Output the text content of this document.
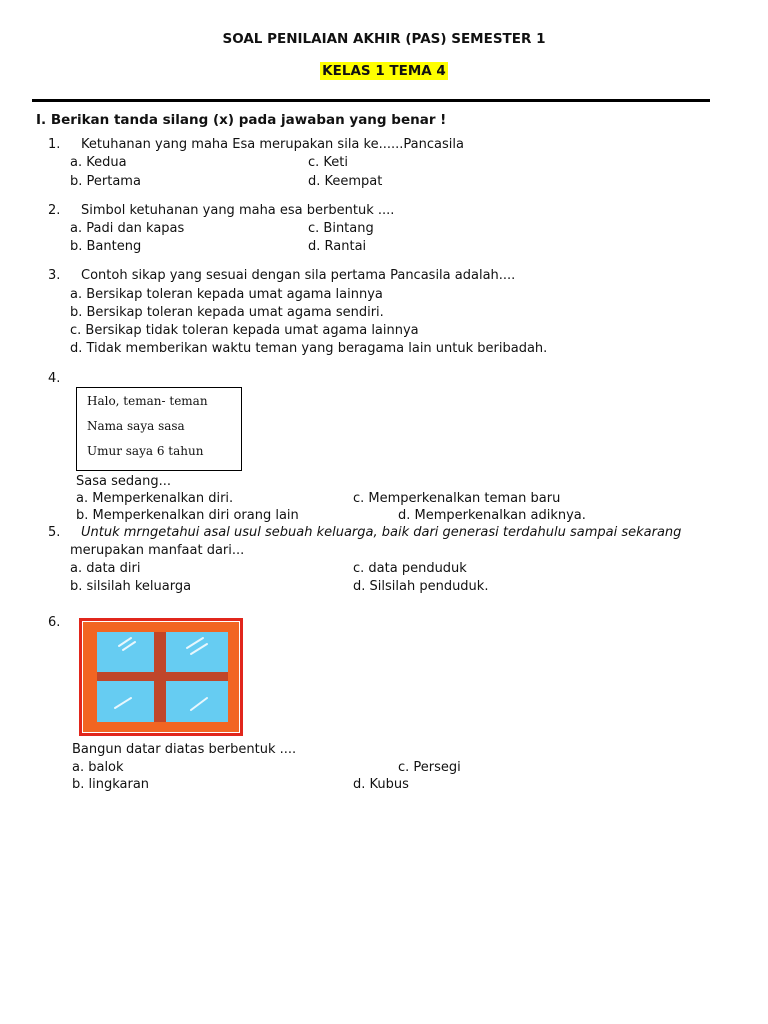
SOAL PENILAIAN AKHIR (PAS) SEMESTER 1
KELAS 1 TEMA 4
I. Berikan tanda silang (x) pada jawaban yang benar !
1. Ketuhanan yang maha Esa merupakan sila ke......Pancasila
a. Kedua
b. Pertama
c. Keti
d. Keempat
2. Simbol ketuhanan yang maha esa berbentuk ....
a. Padi dan kapas
b. Banteng
c. Bintang
d. Rantai
3. Contoh sikap yang sesuai dengan sila pertama Pancasila adalah....
a. Bersikap toleran kepada umat agama lainnya
b. Bersikap toleran kepada umat agama sendiri.
c. Bersikap tidak toleran kepada umat agama lainnya
d. Tidak memberikan waktu teman yang beragama lain untuk beribadah.
4.
Halo, teman- teman
Nama saya sasa
Umur saya 6 tahun
Sasa sedang...
a. Memperkenalkan diri.
b. Memperkenalkan diri orang lain
c. Memperkenalkan teman baru
d. Memperkenalkan adiknya.
5. Untuk mrngetahui asal usul sebuah keluarga, baik dari generasi terdahulu sampai sekarang
merupakan manfaat dari...
a. data diri
b. silsilah keluarga
c. data penduduk
d. Silsilah penduduk.
6.
Bangun datar diatas berbentuk ....
a. balok
b. lingkaran
c. Persegi
d. Kubus
